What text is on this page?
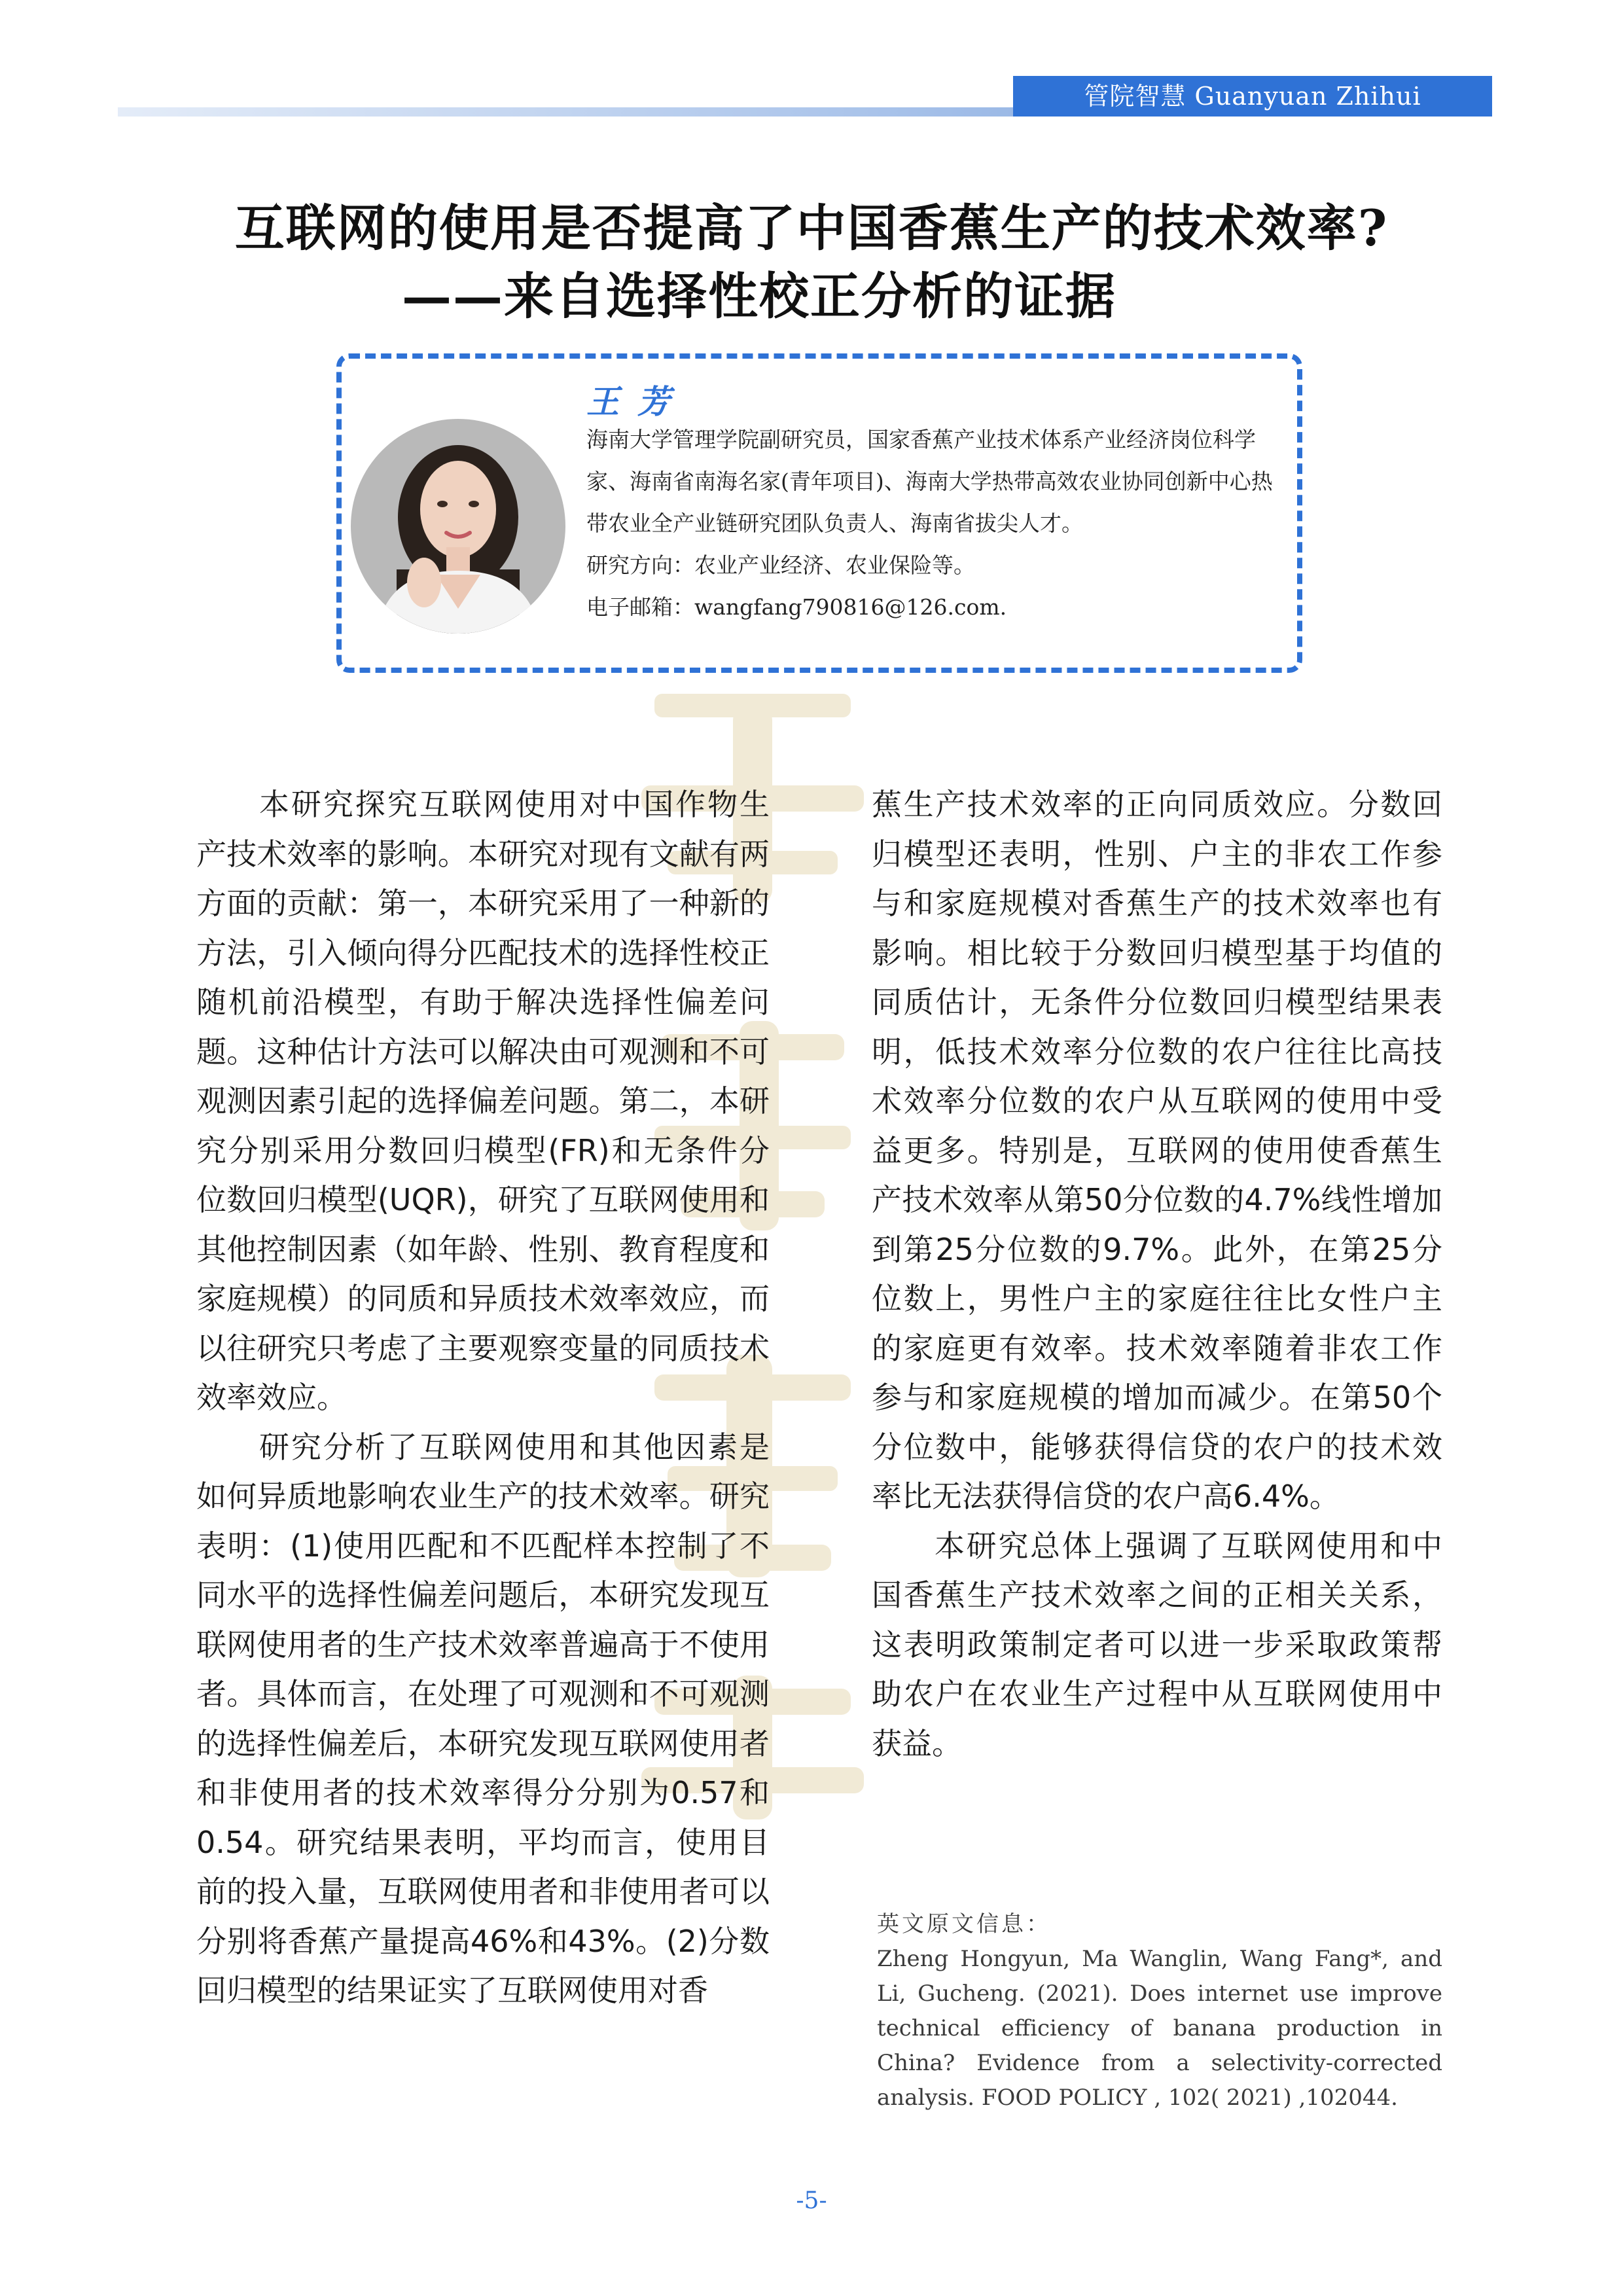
管院智慧 Guanyuan Zhihui
互联网的使用是否提高了中国香蕉生产的技术效率?
——来自选择性校正分析的证据
王芳

海南大学管理学院副研究员，国家香蕉产业技术体系产业经济岗位科学家、海南省南海名家(青年项目)、海南大学热带高效农业协同创新中心热带农业全产业链研究团队负责人、海南省拔尖人才。

研究方向：农业产业经济、农业保险等。

电子邮箱：wangfang790816@126.com.

本研究探究互联网使用对中国作物生产技术效率的影响。本研究对现有文献有两方面的贡献：第一，本研究采用了一种新的方法，引入倾向得分匹配技术的选择性校正随机前沿模型，有助于解决选择性偏差问题。这种估计方法可以解决由可观测和不可观测因素引起的选择偏差问题。第二，本研究分别采用分数回归模型(FR)和无条件分位数回归模型(UQR)，研究了互联网使用和其他控制因素（如年龄、性别、教育程度和家庭规模）的同质和异质技术效率效应，而以往研究只考虑了主要观察变量的同质技术效率效应。

研究分析了互联网使用和其他因素是如何异质地影响农业生产的技术效率。研究表明：(1)使用匹配和不匹配样本控制了不同水平的选择性偏差问题后，本研究发现互联网使用者的生产技术效率普遍高于不使用者。具体而言，在处理了可观测和不可观测的选择性偏差后，本研究发现互联网使用者和非使用者的技术效率得分分别为0.57和0.54。研究结果表明，平均而言，使用目前的投入量，互联网使用者和非使用者可以分别将香蕉产量提高46%和43%。(2)分数回归模型的结果证实了互联网使用对香

蕉生产技术效率的正向同质效应。分数回归模型还表明，性别、户主的非农工作参与和家庭规模对香蕉生产的技术效率也有影响。相比较于分数回归模型基于均值的同质估计，无条件分位数回归模型结果表明，低技术效率分位数的农户往往比高技术效率分位数的农户从互联网的使用中受益更多。特别是，互联网的使用使香蕉生产技术效率从第50分位数的4.7%线性增加到第25分位数的9.7%。此外，在第25分位数上，男性户主的家庭往往比女性户主的家庭更有效率。技术效率随着非农工作参与和家庭规模的增加而减少。在第50个分位数中，能够获得信贷的农户的技术效率比无法获得信贷的农户高6.4%。

本研究总体上强调了互联网使用和中国香蕉生产技术效率之间的正相关关系，这表明政策制定者可以进一步采取政策帮助农户在农业生产过程中从互联网使用中获益。

英文原文信息：

Zheng Hongyun, Ma Wanglin, Wang Fang*, and Li, Gucheng. (2021). Does internet use improve technical efficiency of banana production in China? Evidence from a selectivity-corrected analysis. FOOD POLICY , 102( 2021) ,102044.

-5-
